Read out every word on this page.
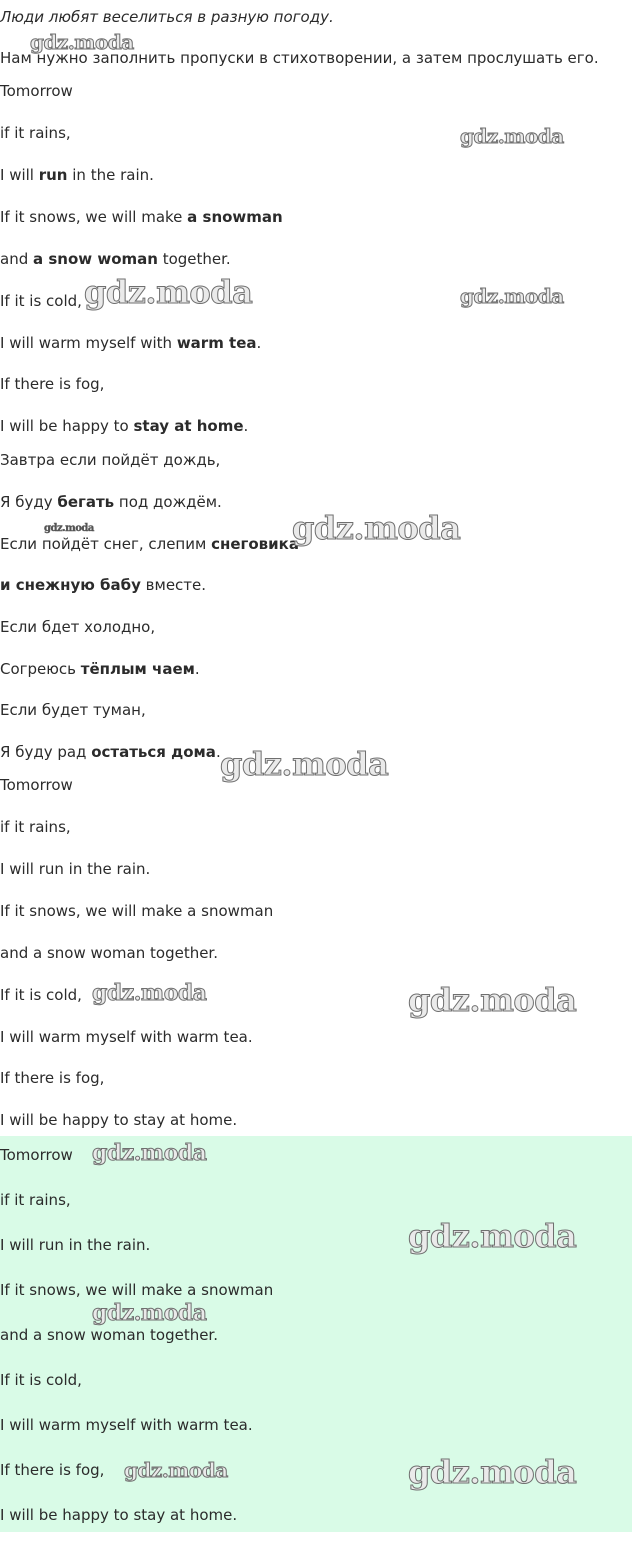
Люди любят веселиться в разную погоду.
Нам нужно заполнить пропуски в стихотворении, а затем прослушать его.
Tomorrow
if it rains,
I will run in the rain.
If it snows, we will make a snowman
and a snow woman together.
If it is cold,
I will warm myself with warm tea.
If there is fog,
I will be happy to stay at home.
Завтра если пойдёт дождь,
Я буду бегать под дождём.
Если пойдёт снег, слепим снеговика
и снежную бабу вместе.
Если бдет холодно,
Согреюсь тёплым чаем.
Если будет туман,
Я буду рад остаться дома.
Tomorrow
if it rains,
I will run in the rain.
If it snows, we will make a snowman
and a snow woman together.
If it is cold,
I will warm myself with warm tea.
If there is fog,
I will be happy to stay at home.
Tomorrow
if it rains,
I will run in the rain.
If it snows, we will make a snowman
and a snow woman together.
If it is cold,
I will warm myself with warm tea.
If there is fog,
I will be happy to stay at home.
gdz.moda
gdz.moda
gdz.moda	gdz.moda
gdz.moda	gdz.moda
gdz.moda
gdz.moda	gdz.moda
gdz.moda
gdz.moda
gdz.moda
gdz.moda	gdz.moda
